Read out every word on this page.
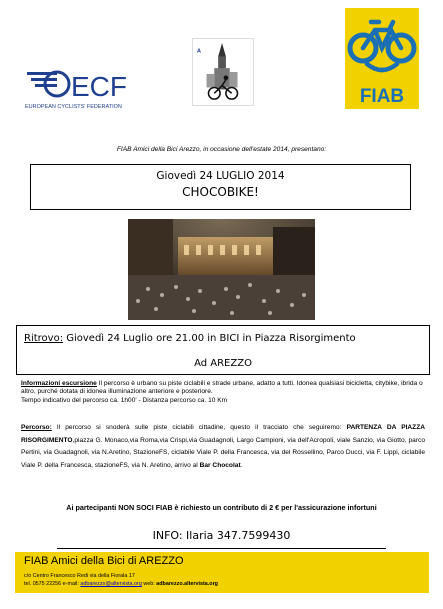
ECF
EUROPEAN CYCLISTS' FEDERATION
A
FIAB
FIAB Amici della Bici Arezzo, in occasione dell'estate 2014, presentano:
Giovedì 24 LUGLIO 2014
CHOCOBIKE!
Ritrovo: Giovedì 24 Luglio ore 21.00 in BICI in Piazza Risorgimento
Ad AREZZO
Informazioni escursione Il percorso è urbano su piste ciclabili e strade urbane, adatto a tutti. Idonea qualsiasi bicicletta, citybike, ibrida o altro, purché dotata di idonea illuminazione anteriore e posteriore.
Tempo indicativo del percorso ca. 1h00' - Distanza percorso ca. 10 Km
Percorso: Il percorso si snoderà sulle piste ciclabili cittadine, questo il tracciato che seguiremo: PARTENZA DA PIAZZA RISORGIMENTO,piazza G. Monaco,via Roma,via Crispi,via Guadagnoli, Largo Campioni, via dell'Acropoli, viale Sanzio, via Giotto, parco Pertini, via Guadagnoli, via N.Aretino, StazioneFS, ciclabile Viale P. della Francesca, via del Rossellino, Parco Ducci, via F. Lippi, ciclabile Viale P. della Francesca, stazioneFS, via N. Aretino, arrivo al Bar Chocolat.
Ai partecipanti NON SOCI FIAB è richiesto un contributo di 2 € per l'assicurazione infortuni
INFO: Ilaria 347.7599430
FIAB Amici della Bici di AREZZO
c/o Centro Francesco Redi via della Fiorala 17
tel. 0575 22256 e-mail: adbarezzo@altervista.org web: adbarezzo.altervista.org
